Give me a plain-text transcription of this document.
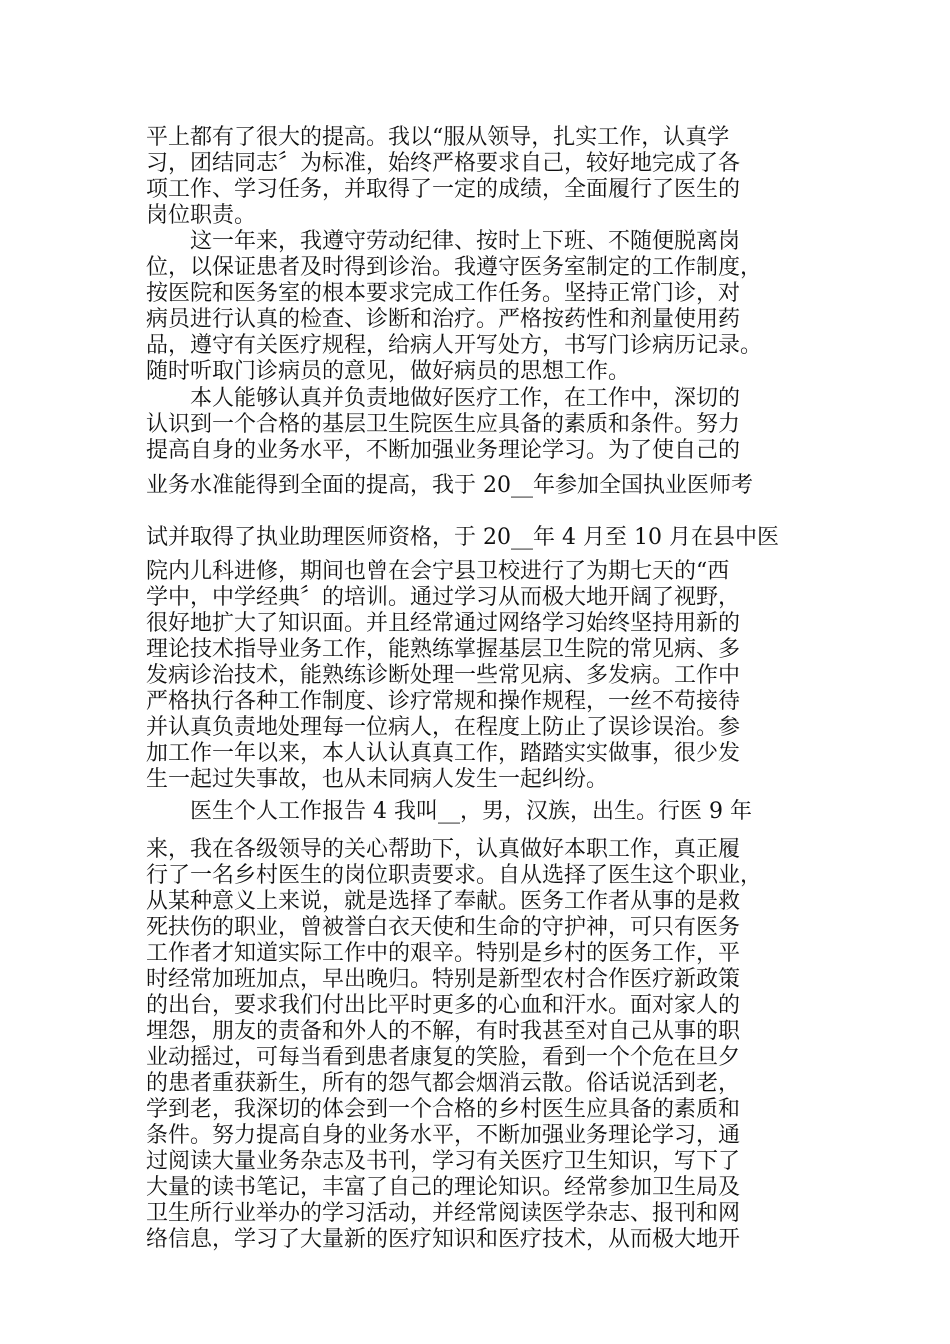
平上都有了很大的提高。我以“服从领导，扎实工作，认真学
习，团结同志〞为标准，始终严格要求自己，较好地完成了各
项工作、学习任务，并取得了一定的成绩，全面履行了医生的
岗位职责。
　　这一年来，我遵守劳动纪律、按时上下班、不随便脱离岗
位，以保证患者及时得到诊治。我遵守医务室制定的工作制度，
按医院和医务室的根本要求完成工作任务。坚持正常门诊，对
病员进行认真的检查、诊断和治疗。严格按药性和剂量使用药
品，遵守有关医疗规程，给病人开写处方，书写门诊病历记录。
随时听取门诊病员的意见，做好病员的思想工作。
　　本人能够认真并负责地做好医疗工作，在工作中，深切的
认识到一个合格的基层卫生院医生应具备的素质和条件。努力
提高自身的业务水平，不断加强业务理论学习。为了使自己的
业务水准能得到全面的提高，我于 20__年参加全国执业医师考
试并取得了执业助理医师资格，于 20__年 4 月至 10 月在县中医
院内儿科进修，期间也曾在会宁县卫校进行了为期七天的“西
学中，中学经典〞的培训。通过学习从而极大地开阔了视野，
很好地扩大了知识面。并且经常通过网络学习始终坚持用新的
理论技术指导业务工作，能熟练掌握基层卫生院的常见病、多
发病诊治技术，能熟练诊断处理一些常见病、多发病。工作中
严格执行各种工作制度、诊疗常规和操作规程，一丝不苟接待
并认真负责地处理每一位病人，在程度上防止了误诊误治。参
加工作一年以来，本人认认真真工作，踏踏实实做事，很少发
生一起过失事故，也从未同病人发生一起纠纷。
　　医生个人工作报告 4 我叫__，男，汉族，出生。行医 9 年
来，我在各级领导的关心帮助下，认真做好本职工作，真正履
行了一名乡村医生的岗位职责要求。自从选择了医生这个职业，
从某种意义上来说，就是选择了奉献。医务工作者从事的是救
死扶伤的职业，曾被誉白衣天使和生命的守护神，可只有医务
工作者才知道实际工作中的艰辛。特别是乡村的医务工作，平
时经常加班加点，早出晚归。特别是新型农村合作医疗新政策
的出台，要求我们付出比平时更多的心血和汗水。面对家人的
埋怨，朋友的责备和外人的不解，有时我甚至对自己从事的职
业动摇过，可每当看到患者康复的笑脸，看到一个个危在旦夕
的患者重获新生，所有的怨气都会烟消云散。俗话说活到老，
学到老，我深切的体会到一个合格的乡村医生应具备的素质和
条件。努力提高自身的业务水平，不断加强业务理论学习，通
过阅读大量业务杂志及书刊，学习有关医疗卫生知识，写下了
大量的读书笔记，丰富了自己的理论知识。经常参加卫生局及
卫生所行业举办的学习活动，并经常阅读医学杂志、报刊和网
络信息，学习了大量新的医疗知识和医疗技术，从而极大地开
